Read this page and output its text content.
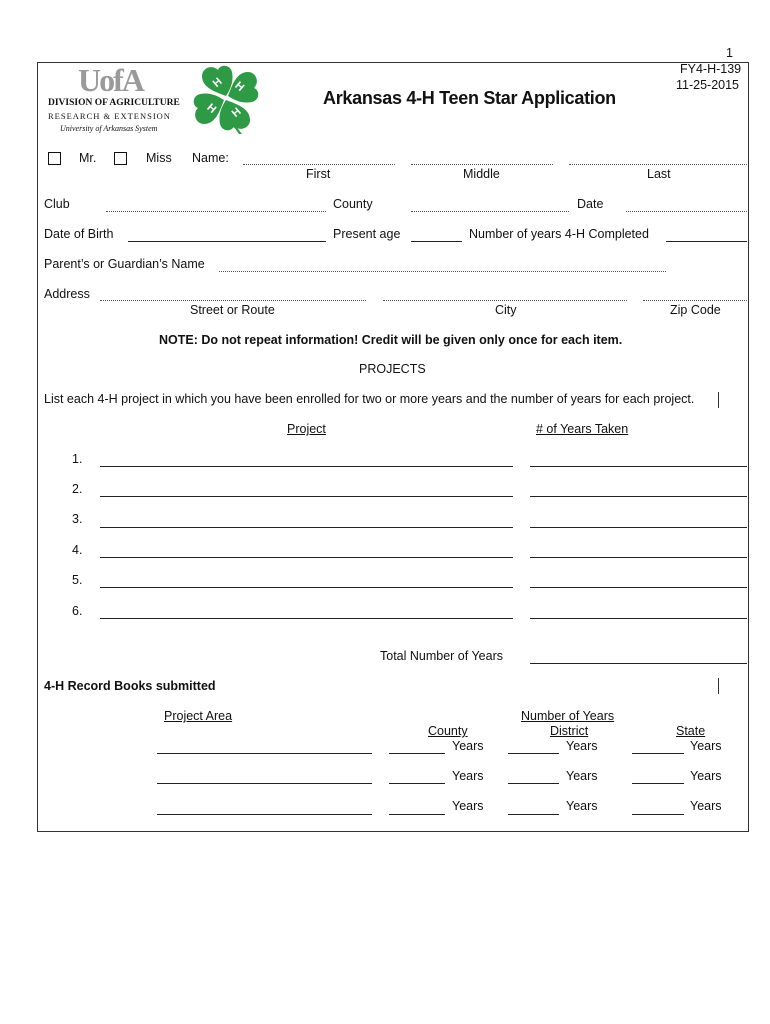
1
FY4-H-139
11-25-2015
UofA
DIVISION OF AGRICULTURE
RESEARCH & EXTENSION
University of Arkansas System
H H
H
H
Arkansas 4-H Teen Star Application
Mr.	Miss Name:
First	Middle	Last
Club	County	Date
Date of Birth	Present age	Number of years 4-H Completed
Parent’s or Guardian’s Name
Address
Street or Route	City	Zip Code
NOTE: Do not repeat information! Credit will be given only once for each item.
PROJECTS
List each 4-H project in which you have been enrolled for two or more years and the number of years for each project.
Project	# of Years Taken
1.
2.
3.
4.
5.
6.
Total Number of Years
4-H Record Books submitted
Project Area	Number of Years
County	District	State
Years	Years	Years
Years	Years	Years
Years	Years	Years
